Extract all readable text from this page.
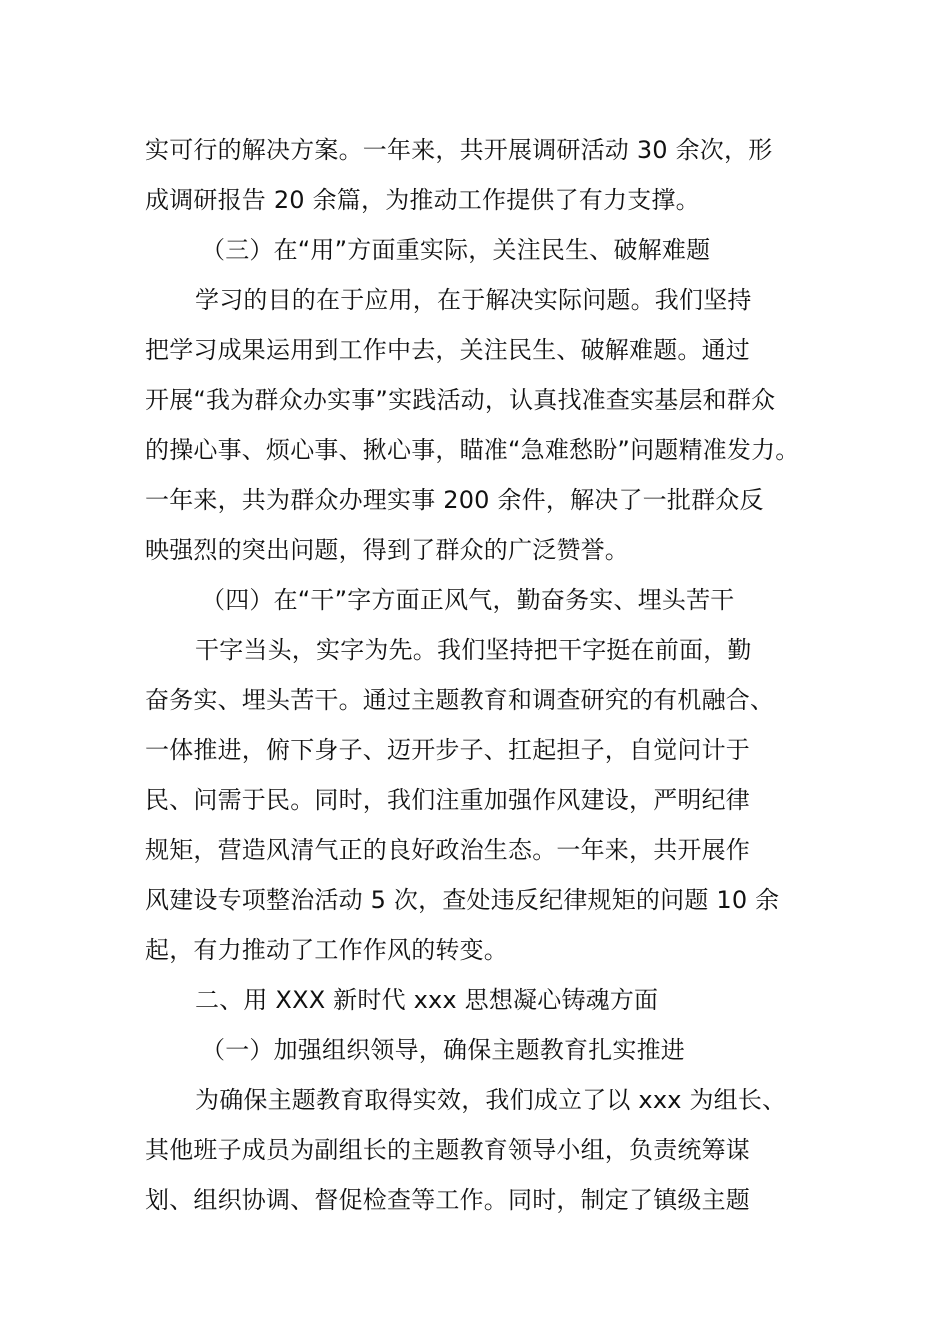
实可行的解决方案。一年来，共开展调研活动 30 余次，形
成调研报告 20 余篇，为推动工作提供了有力支撑。
（三）在“用”方面重实际，关注民生、破解难题
学习的目的在于应用，在于解决实际问题。我们坚持
把学习成果运用到工作中去，关注民生、破解难题。通过
开展“我为群众办实事”实践活动，认真找准查实基层和群众
的操心事、烦心事、揪心事，瞄准“急难愁盼”问题精准发力。
一年来，共为群众办理实事 200 余件，解决了一批群众反
映强烈的突出问题，得到了群众的广泛赞誉。
（四）在“干”字方面正风气，勤奋务实、埋头苦干
干字当头，实字为先。我们坚持把干字挺在前面，勤
奋务实、埋头苦干。通过主题教育和调查研究的有机融合、
一体推进，俯下身子、迈开步子、扛起担子，自觉问计于
民、问需于民。同时，我们注重加强作风建设，严明纪律
规矩，营造风清气正的良好政治生态。一年来，共开展作
风建设专项整治活动 5 次，查处违反纪律规矩的问题 10 余
起，有力推动了工作作风的转变。
二、用 XXX 新时代 xxx 思想凝心铸魂方面
（一）加强组织领导，确保主题教育扎实推进
为确保主题教育取得实效，我们成立了以 xxx 为组长、
其他班子成员为副组长的主题教育领导小组，负责统筹谋
划、组织协调、督促检查等工作。同时，制定了镇级主题
